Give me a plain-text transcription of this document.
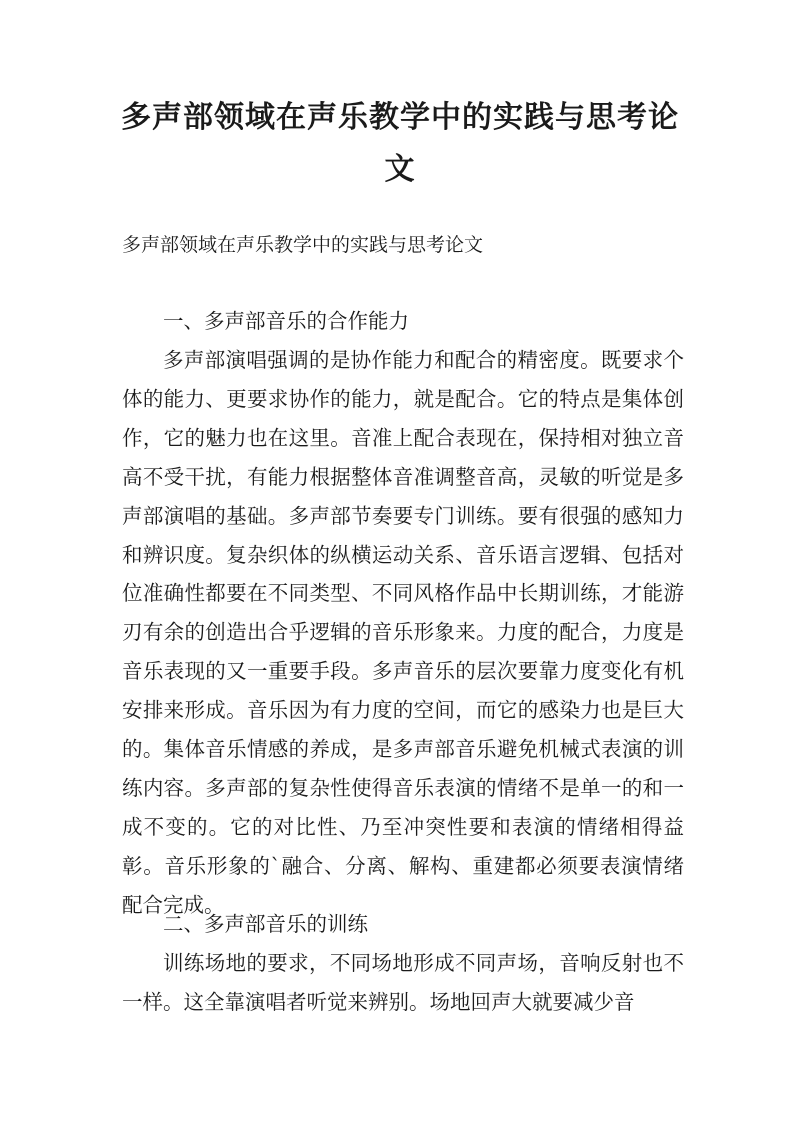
多声部领域在声乐教学中的实践与思考论文

多声部领域在声乐教学中的实践与思考论文

一、多声部音乐的合作能力

多声部演唱强调的是协作能力和配合的精密度。既要求个体的能力、更要求协作的能力，就是配合。它的特点是集体创作，它的魅力也在这里。音准上配合表现在，保持相对独立音高不受干扰，有能力根据整体音准调整音高，灵敏的听觉是多声部演唱的基础。多声部节奏要专门训练。要有很强的感知力和辨识度。复杂织体的纵横运动关系、音乐语言逻辑、包括对位准确性都要在不同类型、不同风格作品中长期训练，才能游刃有余的创造出合乎逻辑的音乐形象来。力度的配合，力度是音乐表现的又一重要手段。多声音乐的层次要靠力度变化有机安排来形成。音乐因为有力度的空间，而它的感染力也是巨大的。集体音乐情感的养成，是多声部音乐避免机械式表演的训练内容。多声部的复杂性使得音乐表演的情绪不是单一的和一成不变的。它的对比性、乃至冲突性要和表演的情绪相得益彰。音乐形象的`融合、分离、解构、重建都必须要表演情绪配合完成。

二、多声部音乐的训练

训练场地的要求，不同场地形成不同声场，音响反射也不一样。这全靠演唱者听觉来辨别。场地回声大就要减少音
